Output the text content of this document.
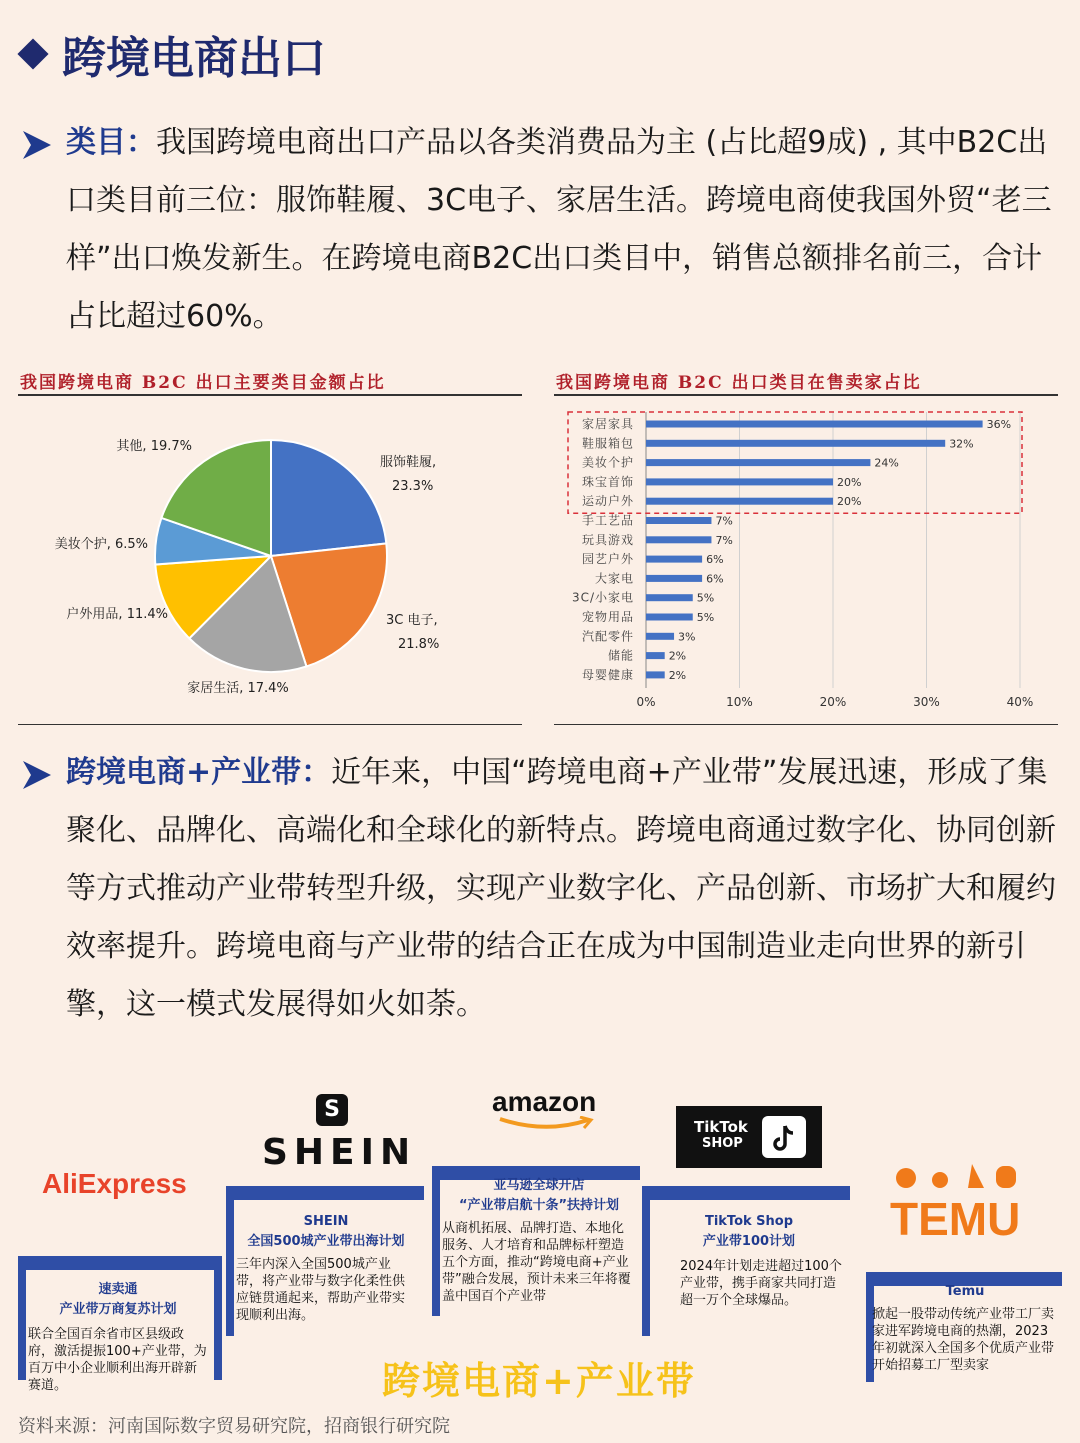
跨境电商出口
类目：我国跨境电商出口产品以各类消费品为主 (占比超9成) , 其中B2C出口类目前三位：服饰鞋履、3C电子、家居生活。跨境电商使我国外贸“老三样”出口焕发新生。在跨境电商B2C出口类目中，销售总额排名前三，合计占比超过60%。
我国跨境电商 B2C 出口主要类目金额占比	我国跨境电商 B2C 出口类目在售卖家占比
服饰鞋履,
23.3%
3C 电子,
21.8%
家居生活, 17.4%
户外用品, 11.4%
美妆个护, 6.5%
其他, 19.7%
0%	10%	20%	30%	40%
家居家具	36%
鞋服箱包	32%
美妆个护	24%
珠宝首饰	20%
运动户外	20%
手工艺品	7%
玩具游戏	7%
园艺户外	6%
大家电	6%
3C/小家电	5%
宠物用品	5%
汽配零件	3%
储能	2%
母婴健康	2%
跨境电商+产业带：近年来，中国“跨境电商+产业带”发展迅速，形成了集聚化、品牌化、高端化和全球化的新特点。跨境电商通过数字化、协同创新等方式推动产业带转型升级，实现产业数字化、产品创新、市场扩大和履约效率提升。跨境电商与产业带的结合正在成为中国制造业走向世界的新引擎，这一模式发展得如火如荼。
AliExpress
S
SHEIN
amazon
TikTok
SHOP
TEMU
速卖通
产业带万商复苏计划
联合全国百余省市区县级政府，激活提振100+产业带，为百万中小企业顺利出海开辟新赛道。
SHEIN
全国500城产业带出海计划
三年内深入全国500城产业带，将产业带与数字化柔性供应链贯通起来，帮助产业带实现顺利出海。
亚马逊全球开店
“产业带启航十条”扶持计划
从商机拓展、品牌打造、本地化服务、人才培育和品牌标杆塑造五个方面，推动“跨境电商+产业带”融合发展，预计未来三年将覆盖中国百个产业带
TikTok Shop
产业带100计划
2024年计划走进超过100个产业带，携手商家共同打造超一万个全球爆品。
Temu
掀起一股带动传统产业带工厂卖家进军跨境电商的热潮，2023年初就深入全国多个优质产业带开始招募工厂型卖家
跨境电商+产业带
资料来源：河南国际数字贸易研究院，招商银行研究院
